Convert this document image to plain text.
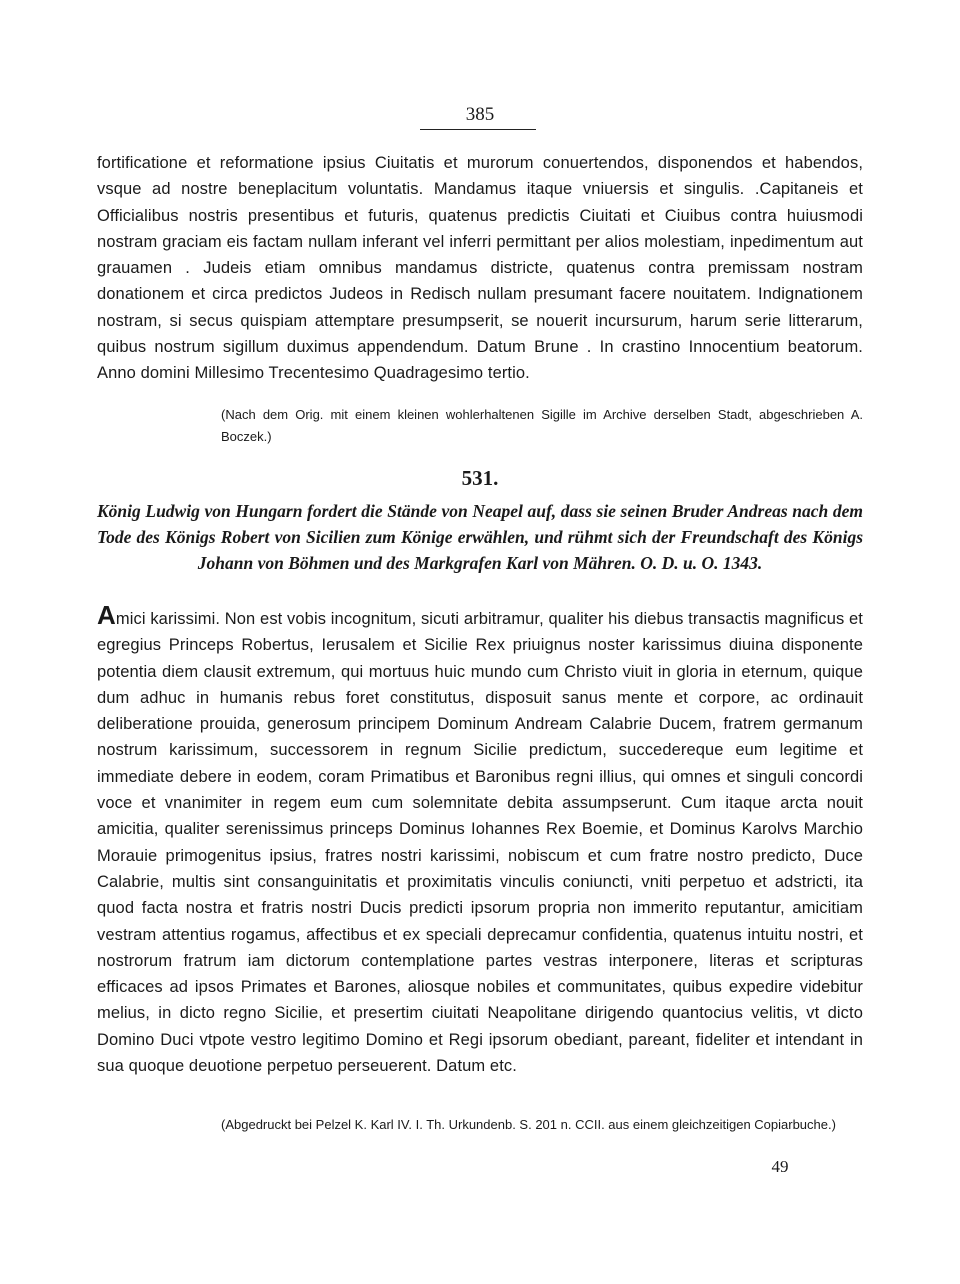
385

fortificatione et reformatione ipsius Ciuitatis et murorum conuertendos, disponendos et habendos, vsque ad nostre beneplacitum voluntatis. Mandamus itaque vniuersis et singulis. .Capitaneis et Officialibus nostris presentibus et futuris, quatenus predictis Ciuitati et Ciuibus contra huiusmodi nostram graciam eis factam nullam inferant vel inferri permittant per alios molestiam, inpedimentum aut grauamen . Judeis etiam omnibus mandamus districte, quatenus contra premissam nostram donationem et circa predictos Judeos in Redisch nullam presumant facere nouitatem. Indignationem nostram, si secus quispiam attemptare presumpserit, se nouerit incursurum, harum serie litterarum, quibus nostrum sigillum duximus appendendum. Datum Brune . In crastino Innocentium beatorum. Anno domini Millesimo Trecentesimo Quadragesimo tertio.

(Nach dem Orig. mit einem kleinen wohlerhaltenen Sigille im Archive derselben Stadt, abgeschrieben A. Boczek.)

531.

König Ludwig von Hungarn fordert die Stände von Neapel auf, dass sie seinen Bruder Andreas nach dem Tode des Königs Robert von Sicilien zum Könige erwählen, und rühmt sich der Freundschaft des Königs Johann von Böhmen und des Markgrafen Karl von Mähren. O. D. u. O. 1343.

Amici karissimi. Non est vobis incognitum, sicuti arbitramur, qualiter his diebus transactis magnificus et egregius Princeps Robertus, Ierusalem et Sicilie Rex priuignus noster karissimus diuina disponente potentia diem clausit extremum, qui mortuus huic mundo cum Christo viuit in gloria in eternum, quique dum adhuc in humanis rebus foret constitutus, disposuit sanus mente et corpore, ac ordinauit deliberatione prouida, generosum principem Dominum Andream Calabrie Ducem, fratrem germanum nostrum karissimum, successorem in regnum Sicilie predictum, succedereque eum legitime et immediate debere in eodem, coram Primatibus et Baronibus regni illius, qui omnes et singuli concordi voce et vnanimiter in regem eum cum solemnitate debita assumpserunt. Cum itaque arcta nouit amicitia, qualiter serenissimus princeps Dominus Iohannes Rex Boemie, et Dominus Karolvs Marchio Morauie primogenitus ipsius, fratres nostri karissimi, nobiscum et cum fratre nostro predicto, Duce Calabrie, multis sint consanguinitatis et proximitatis vinculis coniuncti, vniti perpetuo et adstricti, ita quod facta nostra et fratris nostri Ducis predicti ipsorum propria non immerito reputantur, amicitiam vestram attentius rogamus, affectibus et ex speciali deprecamur confidentia, quatenus intuitu nostri, et nostrorum fratrum iam dictorum contemplatione partes vestras interponere, literas et scripturas efficaces ad ipsos Primates et Barones, aliosque nobiles et communitates, quibus expedire videbitur melius, in dicto regno Sicilie, et presertim ciuitati Neapolitane dirigendo quantocius velitis, vt dicto Domino Duci vtpote vestro legitimo Domino et Regi ipsorum obediant, pareant, fideliter et intendant in sua quoque deuotione perpetuo perseuerent. Datum etc.

(Abgedruckt bei Pelzel K. Karl IV. I. Th. Urkundenb. S. 201 n. CCII. aus einem gleichzeitigen Copiarbuche.)

49
